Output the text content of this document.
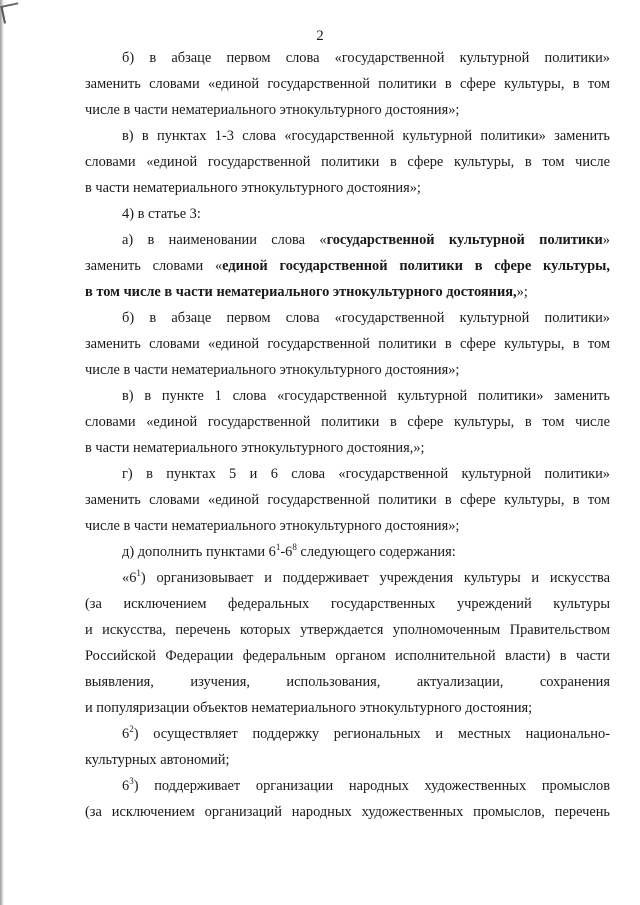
2
б) в абзаце первом слова «государственной культурной политики»
заменить словами «единой государственной политики в сфере культуры, в том
числе в части нематериального этнокультурного достояния»;
в) в пунктах 1-3 слова «государственной культурной политики» заменить
словами «единой государственной политики в сфере культуры, в том числе
в части нематериального этнокультурного достояния»;
4) в статье 3:
а) в наименовании слова «государственной культурной политики»
заменить словами «единой государственной политики в сфере культуры,
в том числе в части нематериального этнокультурного достояния,»;
б) в абзаце первом слова «государственной культурной политики»
заменить словами «единой государственной политики в сфере культуры, в том
числе в части нематериального этнокультурного достояния»;
в) в пункте 1 слова «государственной культурной политики» заменить
словами «единой государственной политики в сфере культуры, в том числе
в части нематериального этнокультурного достояния,»;
г) в пунктах 5 и 6 слова «государственной культурной политики»
заменить словами «единой государственной политики в сфере культуры, в том
числе в части нематериального этнокультурного достояния»;
д) дополнить пунктами $6^1-6^8$ следующего содержания:
«$6^1$) организовывает и поддерживает учреждения культуры и искусства
(за исключением федеральных государственных учреждений культуры
и искусства, перечень которых утверждается уполномоченным Правительством
Российской Федерации федеральным органом исполнительной власти) в части
выявления, изучения, использования, актуализации, сохранения
и популяризации объектов нематериального этнокультурного достояния;
$6^2$) осуществляет поддержку региональных и местных национально-
культурных автономий;
$6^3$) поддерживает организации народных художественных промыслов
(за исключением организаций народных художественных промыслов, перечень
